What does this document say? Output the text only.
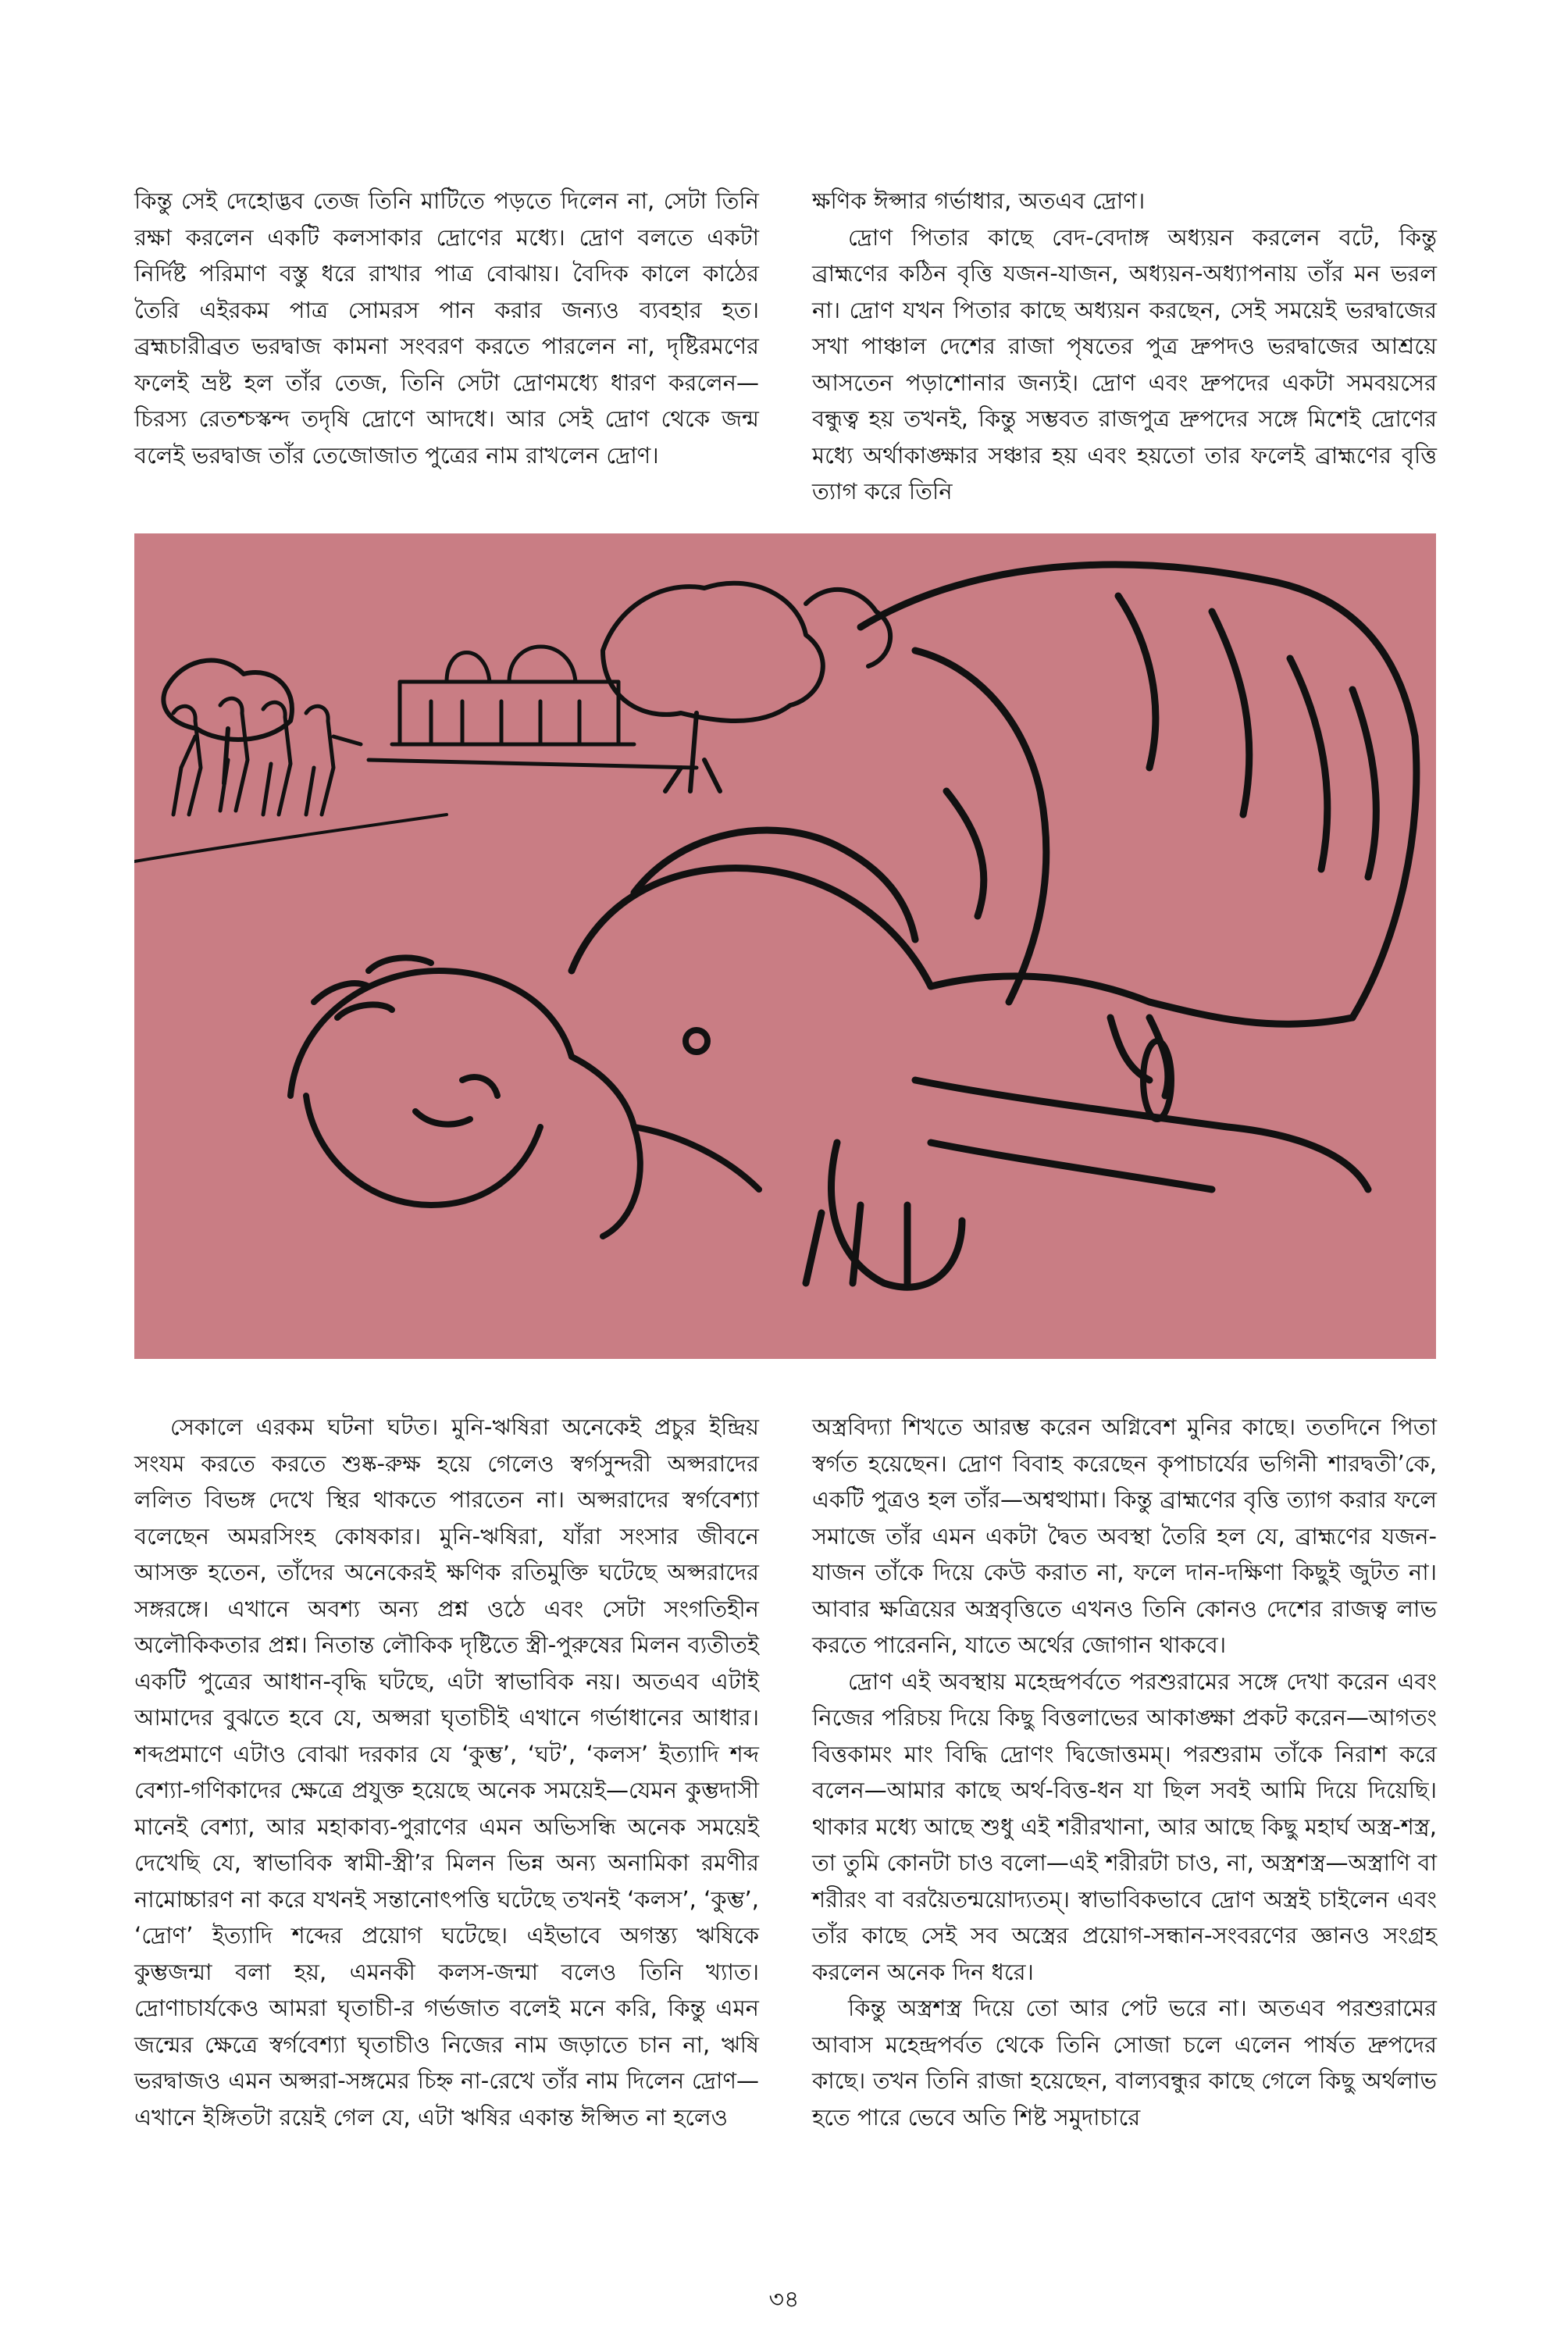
কিন্তু সেই দেহোদ্ভব তেজ তিনি মাটিতে পড়তে দিলেন না, সেটা তিনি রক্ষা করলেন একটি কলসাকার দ্রোণের মধ্যে। দ্রোণ বলতে একটা নির্দিষ্ট পরিমাণ বস্তু ধরে রাখার পাত্র বোঝায়। বৈদিক কালে কাঠের তৈরি এইরকম পাত্র সোমরস পান করার জন্যও ব্যবহার হত। ব্রহ্মচারীব্রত ভরদ্বাজ কামনা সংবরণ করতে পারলেন না, দৃষ্টিরমণের ফলেই ভ্রষ্ট হল তাঁর তেজ, তিনি সেটা দ্রোণমধ্যে ধারণ করলেন—চিরস্য রেতশ্চস্কন্দ তদৃষি দ্রোণে আদধে। আর সেই দ্রোণ থেকে জন্ম বলেই ভরদ্বাজ তাঁর তেজোজাত পুত্রের নাম রাখলেন দ্রোণ।

ক্ষণিক ঈপ্সার গর্ভাধার, অতএব দ্রোণ।

দ্রোণ পিতার কাছে বেদ-বেদাঙ্গ অধ্যয়ন করলেন বটে, কিন্তু ব্রাহ্মণের কঠিন বৃত্তি যজন-যাজন, অধ্যয়ন-অধ্যাপনায় তাঁর মন ভরল না। দ্রোণ যখন পিতার কাছে অধ্যয়ন করছেন, সেই সময়েই ভরদ্বাজের সখা পাঞ্চাল দেশের রাজা পৃষতের পুত্র দ্রুপদও ভরদ্বাজের আশ্রয়ে আসতেন পড়াশোনার জন্যই। দ্রোণ এবং দ্রুপদের একটা সমবয়সের বন্ধুত্ব হয় তখনই, কিন্তু সম্ভবত রাজপুত্র দ্রুপদের সঙ্গে মিশেই দ্রোণের মধ্যে অর্থাকাঙ্ক্ষার সঞ্চার হয় এবং হয়তো তার ফলেই ব্রাহ্মণের বৃত্তি ত্যাগ করে তিনি

সেকালে এরকম ঘটনা ঘটত। মুনি-ঋষিরা অনেকেই প্রচুর ইন্দ্রিয় সংযম করতে করতে শুষ্ক-রুক্ষ হয়ে গেলেও স্বর্গসুন্দরী অপ্সরাদের ললিত বিভঙ্গ দেখে স্থির থাকতে পারতেন না। অপ্সরাদের স্বর্গবেশ্যা বলেছেন অমরসিংহ কোষকার। মুনি-ঋষিরা, যাঁরা সংসার জীবনে আসক্ত হতেন, তাঁদের অনেকেরই ক্ষণিক রতিমুক্তি ঘটেছে অপ্সরাদের সঙ্গরঙ্গে। এখানে অবশ্য অন্য প্রশ্ন ওঠে এবং সেটা সংগতিহীন অলৌকিকতার প্রশ্ন। নিতান্ত লৌকিক দৃষ্টিতে স্ত্রী-পুরুষের মিলন ব্যতীতই একটি পুত্রের আধান-বৃদ্ধি ঘটছে, এটা স্বাভাবিক নয়। অতএব এটাই আমাদের বুঝতে হবে যে, অপ্সরা ঘৃতাচীই এখানে গর্ভাধানের আধার। শব্দপ্রমাণে এটাও বোঝা দরকার যে ‘কুম্ভ’, ‘ঘট’, ‘কলস’ ইত্যাদি শব্দ বেশ্যা-গণিকাদের ক্ষেত্রে প্রযুক্ত হয়েছে অনেক সময়েই—যেমন কুম্ভদাসী মানেই বেশ্যা, আর মহাকাব্য-পুরাণের এমন অভিসন্ধি অনেক সময়েই দেখেছি যে, স্বাভাবিক স্বামী-স্ত্রী’র মিলন ভিন্ন অন্য অনামিকা রমণীর নামোচ্চারণ না করে যখনই সন্তানোৎপত্তি ঘটেছে তখনই ‘কলস’, ‘কুম্ভ’, ‘দ্রোণ’ ইত্যাদি শব্দের প্রয়োগ ঘটেছে। এইভাবে অগস্ত্য ঋষিকে কুম্ভজন্মা বলা হয়, এমনকী কলস-জন্মা বলেও তিনি খ্যাত। দ্রোণাচার্যকেও আমরা ঘৃতাচী-র গর্ভজাত বলেই মনে করি, কিন্তু এমন জন্মের ক্ষেত্রে স্বর্গবেশ্যা ঘৃতাচীও নিজের নাম জড়াতে চান না, ঋষি ভরদ্বাজও এমন অপ্সরা-সঙ্গমের চিহ্ন না-রেখে তাঁর নাম দিলেন দ্রোণ—এখানে ইঙ্গিতটা রয়েই গেল যে, এটা ঋষির একান্ত ঈপ্সিত না হলেও

অস্ত্রবিদ্যা শিখতে আরম্ভ করেন অগ্নিবেশ মুনির কাছে। ততদিনে পিতা স্বর্গত হয়েছেন। দ্রোণ বিবাহ করেছেন কৃপাচার্যের ভগিনী শারদ্বতী’কে, একটি পুত্রও হল তাঁর—অশ্বত্থামা। কিন্তু ব্রাহ্মণের বৃত্তি ত্যাগ করার ফলে সমাজে তাঁর এমন একটা দ্বৈত অবস্থা তৈরি হল যে, ব্রাহ্মণের যজন-যাজন তাঁকে দিয়ে কেউ করাত না, ফলে দান-দক্ষিণা কিছুই জুটত না। আবার ক্ষত্রিয়ের অস্ত্রবৃত্তিতে এখনও তিনি কোনও দেশের রাজত্ব লাভ করতে পারেননি, যাতে অর্থের জোগান থাকবে।

দ্রোণ এই অবস্থায় মহেন্দ্রপর্বতে পরশুরামের সঙ্গে দেখা করেন এবং নিজের পরিচয় দিয়ে কিছু বিত্তলাভের আকাঙ্ক্ষা প্রকট করেন—আগতং বিত্তকামং মাং বিদ্ধি দ্রোণং দ্বিজোত্তমম্। পরশুরাম তাঁকে নিরাশ করে বলেন—আমার কাছে অর্থ-বিত্ত-ধন যা ছিল সবই আমি দিয়ে দিয়েছি। থাকার মধ্যে আছে শুধু এই শরীরখানা, আর আছে কিছু মহার্ঘ অস্ত্র-শস্ত্র, তা তুমি কোনটা চাও বলো—এই শরীরটা চাও, না, অস্ত্রশস্ত্র—অস্ত্রাণি বা শরীরং বা বরয়ৈতন্ময়োদ্যতম্। স্বাভাবিকভাবে দ্রোণ অস্ত্রই চাইলেন এবং তাঁর কাছে সেই সব অস্ত্রের প্রয়োগ-সন্ধান-সংবরণের জ্ঞানও সংগ্রহ করলেন অনেক দিন ধরে।

কিন্তু অস্ত্রশস্ত্র দিয়ে তো আর পেট ভরে না। অতএব পরশুরামের আবাস মহেন্দ্রপর্বত থেকে তিনি সোজা চলে এলেন পার্ষত দ্রুপদের কাছে। তখন তিনি রাজা হয়েছেন, বাল্যবন্ধুর কাছে গেলে কিছু অর্থলাভ হতে পারে ভেবে অতি শিষ্ট সমুদাচারে

৩৪
